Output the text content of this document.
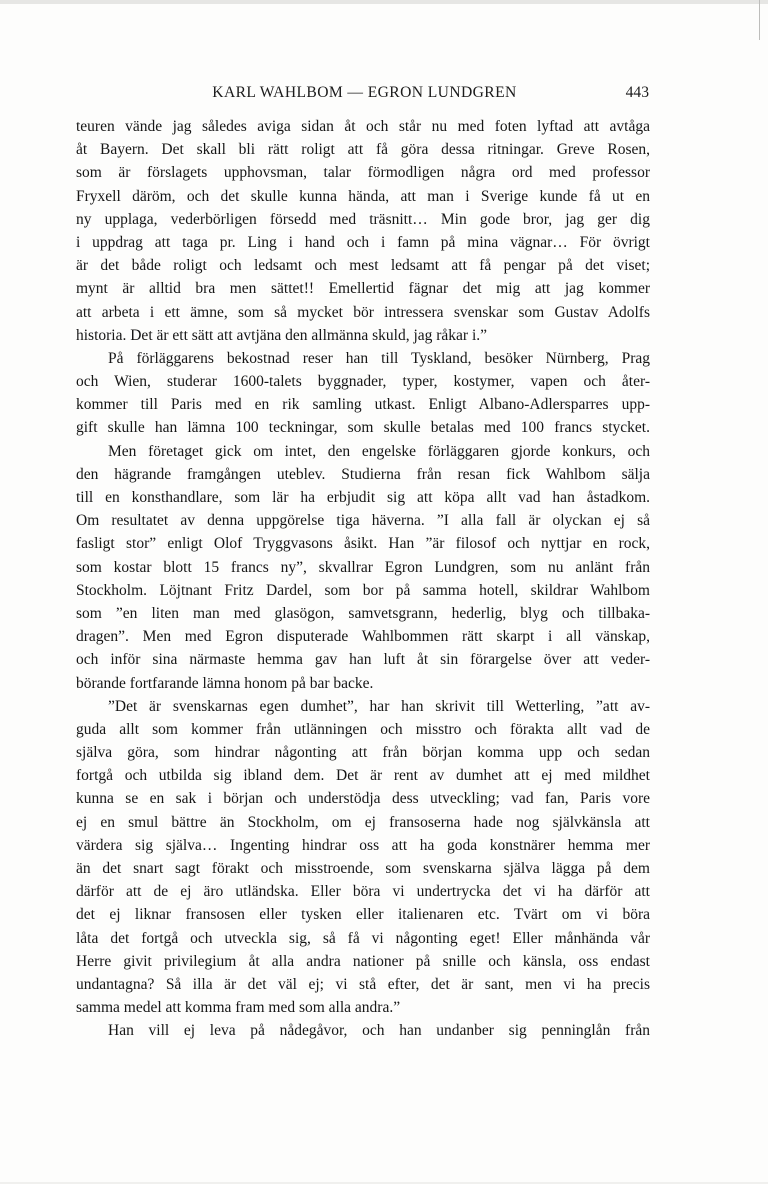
KARL WAHLBOM — EGRON LUNDGREN	443
teuren vände jag således aviga sidan åt och står nu med foten lyftad att avtåga
åt Bayern. Det skall bli rätt roligt att få göra dessa ritningar. Greve Rosen,
som är förslagets upphovsman, talar förmodligen några ord med professor
Fryxell däröm, och det skulle kunna hända, att man i Sverige kunde få ut en
ny upplaga, vederbörligen försedd med träsnitt… Min gode bror, jag ger dig
i uppdrag att taga pr. Ling i hand och i famn på mina vägnar… För övrigt
är det både roligt och ledsamt och mest ledsamt att få pengar på det viset;
mynt är alltid bra men sättet!! Emellertid fägnar det mig att jag kommer
att arbeta i ett ämne, som så mycket bör intressera svenskar som Gustav Adolfs
historia. Det är ett sätt att avtjäna den allmänna skuld, jag råkar i.”
På förläggarens bekostnad reser han till Tyskland, besöker Nürnberg, Prag
och Wien, studerar 1600-talets byggnader, typer, kostymer, vapen och åter-
kommer till Paris med en rik samling utkast. Enligt Albano-Adlersparres upp-
gift skulle han lämna 100 teckningar, som skulle betalas med 100 francs stycket.
Men företaget gick om intet, den engelske förläggaren gjorde konkurs, och
den hägrande framgången uteblev. Studierna från resan fick Wahlbom sälja
till en konsthandlare, som lär ha erbjudit sig att köpa allt vad han åstadkom.
Om resultatet av denna uppgörelse tiga häverna. ”I alla fall är olyckan ej så
fasligt stor” enligt Olof Tryggvasons åsikt. Han ”är filosof och nyttjar en rock,
som kostar blott 15 francs ny”, skvallrar Egron Lundgren, som nu anlänt från
Stockholm. Löjtnant Fritz Dardel, som bor på samma hotell, skildrar Wahlbom
som ”en liten man med glasögon, samvetsgrann, hederlig, blyg och tillbaka-
dragen”. Men med Egron disputerade Wahlbommen rätt skarpt i all vänskap,
och inför sina närmaste hemma gav han luft åt sin förargelse över att veder-
börande fortfarande lämna honom på bar backe.
”Det är svenskarnas egen dumhet”, har han skrivit till Wetterling, ”att av-
guda allt som kommer från utlänningen och misstro och förakta allt vad de
själva göra, som hindrar någonting att från början komma upp och sedan
fortgå och utbilda sig ibland dem. Det är rent av dumhet att ej med mildhet
kunna se en sak i början och understödja dess utveckling; vad fan, Paris vore
ej en smul bättre än Stockholm, om ej fransoserna hade nog självkänsla att
värdera sig själva… Ingenting hindrar oss att ha goda konstnärer hemma mer
än det snart sagt förakt och misstroende, som svenskarna själva lägga på dem
därför att de ej äro utländska. Eller böra vi undertrycka det vi ha därför att
det ej liknar fransosen eller tysken eller italienaren etc. Tvärt om vi böra
låta det fortgå och utveckla sig, så få vi någonting eget! Eller månhända vår
Herre givit privilegium åt alla andra nationer på snille och känsla, oss endast
undantagna? Så illa är det väl ej; vi stå efter, det är sant, men vi ha precis
samma medel att komma fram med som alla andra.”
Han vill ej leva på nådegåvor, och han undanber sig penninglån från
